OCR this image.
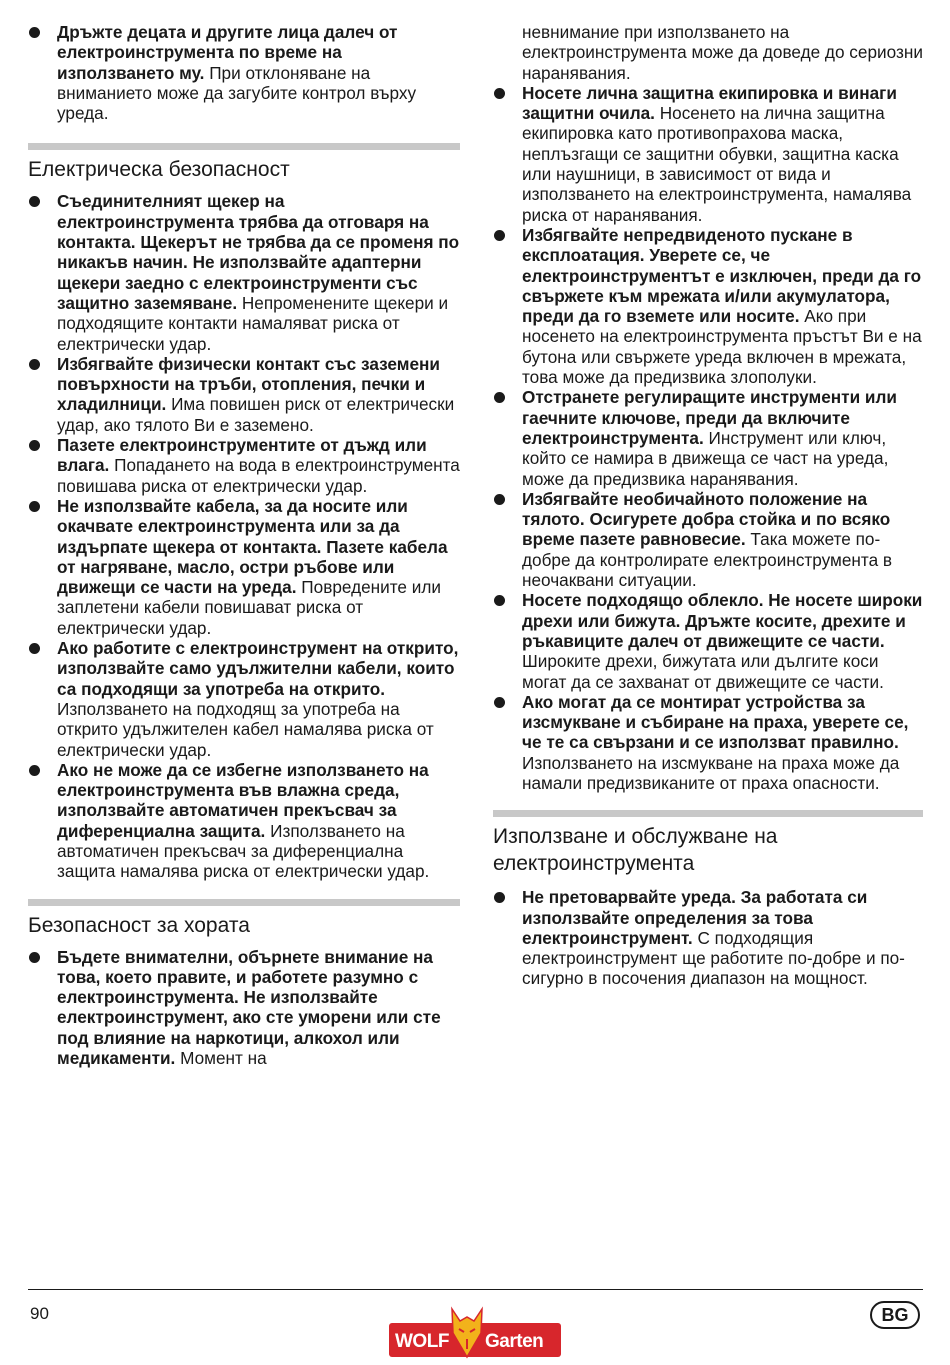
Дръжте децата и другите лица далеч от електроинструмента по време на използването му. При отклоняване на вниманието може да загубите контрол върху уреда.
Електрическа безопасност
Съединителният щекер на електроинструмента трябва да отговаря на контакта. Щекерът не трябва да се променя по никакъв начин. Не използвайте адаптерни щекери заедно с електроинструменти със защитно заземяване. Непроменените щекери и подходящите контакти намаляват риска от електрически удар.
Избягвайте физически контакт със заземени повърхности на тръби, отопления, печки и хладилници. Има повишен риск от електрически удар, ако тялото Ви е заземено.
Пазете електроинструментите от дъжд или влага. Попадането на вода в електроинструмента повишава риска от електрически удар.
Не използвайте кабела, за да носите или окачвате електроинструмента или за да издърпате щекера от контакта. Пазете кабела от нагряване, масло, остри ръбове или движещи се части на уреда. Повредените или заплетени кабели повишават риска от електрически удар.
Ако работите с електроинструмент на открито, използвайте само удължителни кабели, които са подходящи за употреба на открито. Използването на подходящ за употреба на открито удължителен кабел намалява риска от електрически удар.
Ако не може да се избегне използването на електроинструмента във влажна среда, използвайте автоматичен прекъсвач за диференциална защита. Използването на автоматичен прекъсвач за диференциална защита намалява риска от електрически удар.
Безопасност за хората
Бъдете внимателни, обърнете внимание на това, което правите, и работете разумно с електроинструмента. Не използвайте електроинструмент, ако сте уморени или сте под влияние на наркотици, алкохол или медикаменти. Момент на
невнимание при използването на електроинструмента може да доведе до сериозни наранявания.
Носете лична защитна екипировка и винаги защитни очила. Носенето на лична защитна екипировка като противопрахова маска, неплъзгащи се защитни обувки, защитна каска или наушници, в зависимост от вида и използването на електроинструмента, намалява риска от наранявания.
Избягвайте непредвиденото пускане в експлоатация. Уверете се, че електроинструментът е изключен, преди да го свържете към мрежата и/или акумулатора, преди да го вземете или носите. Ако при носенето на електроинструмента пръстът Ви е на бутона или свържете уреда включен в мрежата, това може да предизвика злополуки.
Отстранете регулиращите инструменти или гаечните ключове, преди да включите електроинструмента. Инструмент или ключ, който се намира в движеща се част на уреда, може да предизвика наранявания.
Избягвайте необичайното положение на тялото. Осигурете добра стойка и по всяко време пазете равновесие. Така можете по-добре да контролирате електроинструмента в неочаквани ситуации.
Носете подходящо облекло. Не носете широки дрехи или бижута. Дръжте косите, дрехите и ръкавиците далеч от движещите се части. Широките дрехи, бижутата или дългите коси могат да се захванат от движещите се части.
Ако могат да се монтират устройства за изсмукване и събиране на праха, уверете се, че те са свързани и се използват правилно. Използването на изсмукване на праха може да намали предизвиканите от праха опасности.
Използване и обслужване на електроинструмента
Не претоварвайте уреда. За работата си използвайте определения за това електроинструмент. С подходящия електроинструмент ще работите по-добре и по-сигурно в посочения диапазон на мощност.
90
WOLF Garten
BG
